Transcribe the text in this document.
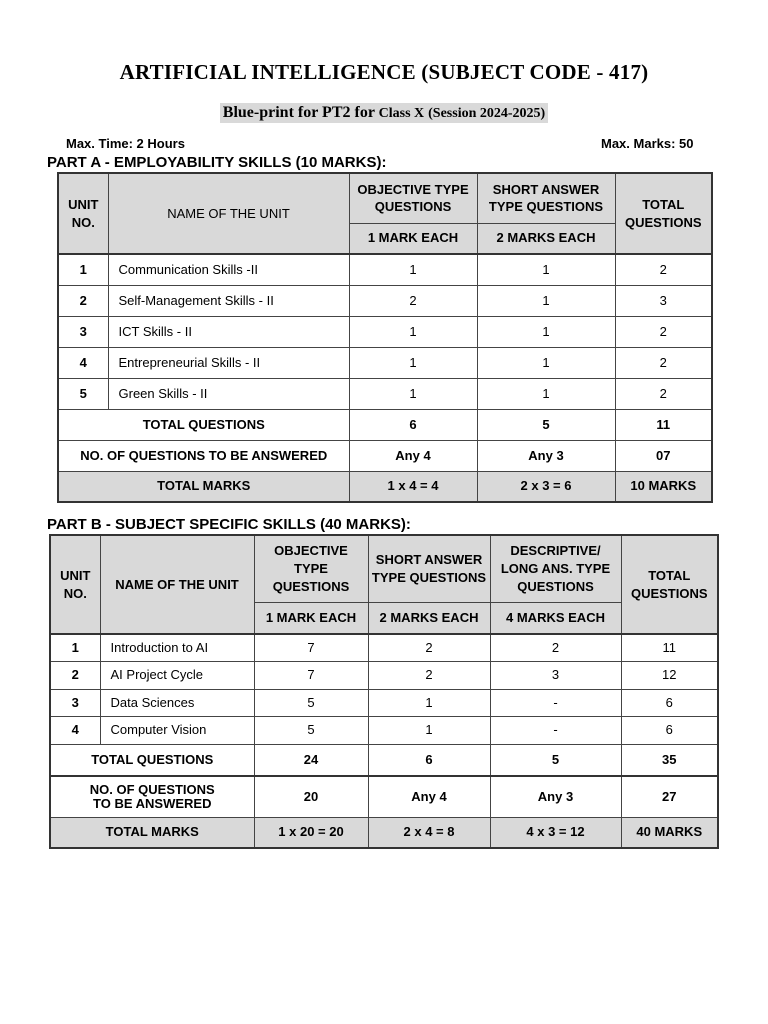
ARTIFICIAL INTELLIGENCE (SUBJECT CODE - 417)
Blue-print for PT2 for Class X (Session 2024-2025)
Max. Time: 2 Hours	Max. Marks: 50
PART A - EMPLOYABILITY SKILLS (10 MARKS):
UNIT NO.	NAME OF THE UNIT	OBJECTIVE TYPE QUESTIONS	SHORT ANSWER TYPE QUESTIONS	TOTAL QUESTIONS
		1 MARK EACH	2 MARKS EACH	
1	Communication Skills -II	1	1	2
2	Self-Management Skills - II	2	1	3
3	ICT Skills - II	1	1	2
4	Entrepreneurial Skills - II	1	1	2
5	Green Skills - II	1	1	2
TOTAL QUESTIONS		6	5	11
NO. OF QUESTIONS TO BE ANSWERED		Any 4	Any 3	07
TOTAL MARKS		1 x 4 = 4	2 x 3 = 6	10 MARKS
PART B - SUBJECT SPECIFIC SKILLS (40 MARKS):
UNIT NO.	NAME OF THE UNIT	OBJECTIVE TYPE QUESTIONS	SHORT ANSWER TYPE QUESTIONS	DESCRIPTIVE/ LONG ANS. TYPE QUESTIONS	TOTAL QUESTIONS
		1 MARK EACH	2 MARKS EACH	4 MARKS EACH	
1	Introduction to AI	7	2	2	11
2	AI Project Cycle	7	2	3	12
3	Data Sciences	5	1	-	6
4	Computer Vision	5	1	-	6
TOTAL QUESTIONS		24	6	5	35
NO. OF QUESTIONS
TO BE ANSWERED		20	Any 4	Any 3	27
TOTAL MARKS		1 x 20 = 20	2 x 4 = 8	4 x 3 = 12	40 MARKS
